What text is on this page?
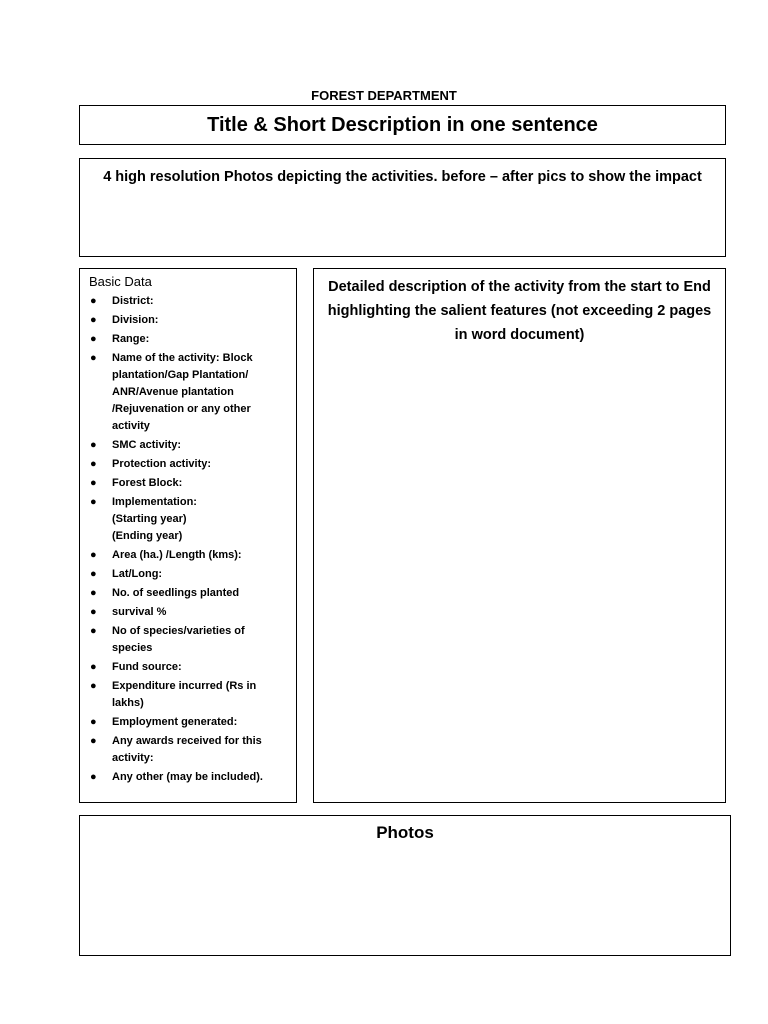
FOREST DEPARTMENT
Title & Short Description in one sentence
4 high resolution Photos depicting the activities. before – after pics to show the impact
Basic Data
● District:
● Division:
● Range:
● Name of the activity: Block plantation/Gap Plantation/ ANR/Avenue plantation /Rejuvenation or any other activity
● SMC activity:
● Protection activity:
● Forest Block:
● Implementation:
(Starting year)
(Ending year)
● Area (ha.) /Length (kms):
● Lat/Long:
● No. of seedlings planted
● survival %
● No of species/varieties of species
● Fund source:
● Expenditure incurred (Rs in lakhs)
● Employment generated:
● Any awards received for this activity:
● Any other (may be included).
Detailed description of the activity from the start to End highlighting the salient features (not exceeding 2 pages in word document)
Photos
